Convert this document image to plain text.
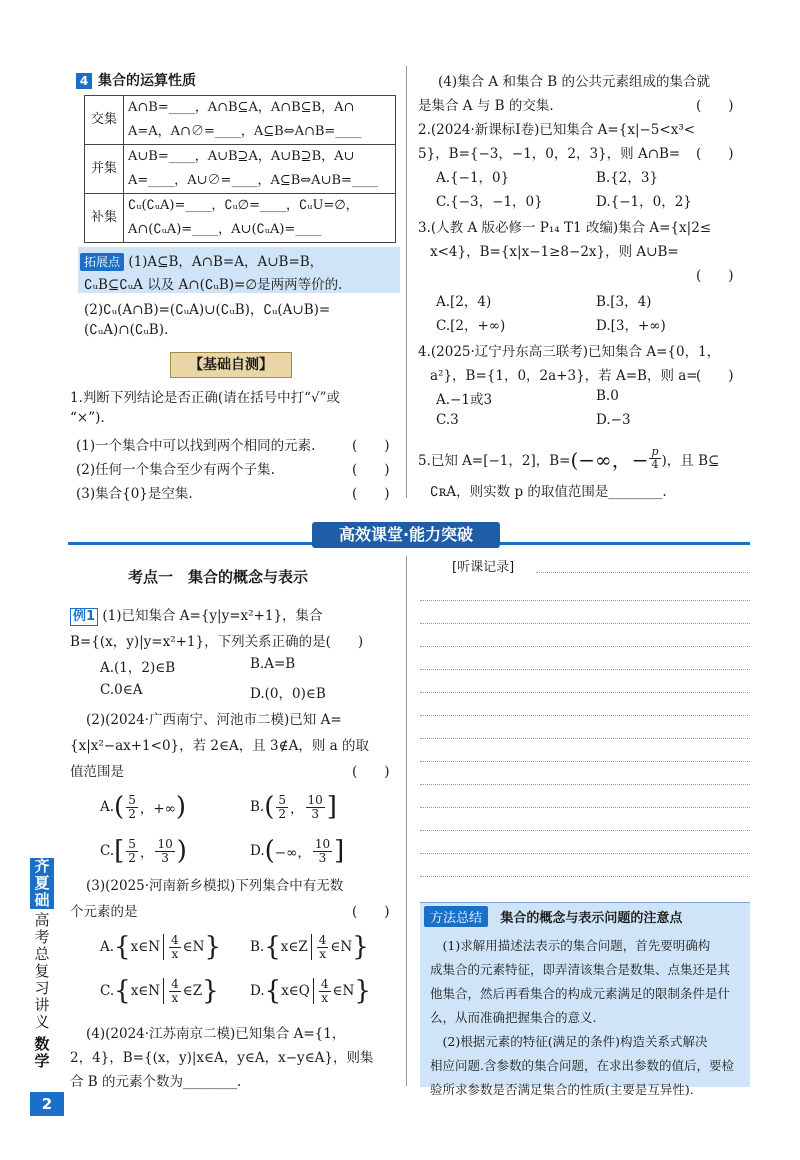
4 集合的运算性质
交集	A∩B=____，A∩B⊆A，A∩B⊆B，A∩
A=A，A∩∅=____，A⊆B⇔A∩B=____

并集	A∪B=____，A∪B⊇A，A∪B⊇B，A∪
A=____，A∪∅=____，A⊆B⇔A∪B=____

补集	∁ᵤ(∁ᵤA)=____，∁ᵤ∅=____，∁ᵤU=∅，
A∩(∁ᵤA)=____，A∪(∁ᵤA)=____
拓展点 (1)A⊆B，A∩B=A，A∪B=B，
∁ᵤB⊆∁ᵤA 以及 A∩(∁ᵤB)=∅是两两等价的.
(2)∁ᵤ(A∩B)=(∁ᵤA)∪(∁ᵤB)，∁ᵤ(A∪B)=
(∁ᵤA)∩(∁ᵤB).
【基础自测】
1.判断下列结论是否正确(请在括号中打“√”或
“×”).
(1)一个集合中可以找到两个相同的元素.	(　　)
(2)任何一个集合至少有两个子集.	(　　)
(3)集合{0}是空集.	(　　)
(4)集合 A 和集合 B 的公共元素组成的集合就
是集合 A 与 B 的交集.	(　　)
2.(2024·新课标Ⅰ卷)已知集合 A={x|−5<x³<
5}，B={−3，−1，0，2，3}，则 A∩B= (　　)
A.{−1，0}	B.{2，3}
C.{−3，−1，0}	D.{−1，0，2}
3.(人教 A 版必修一 P₁₄ T1 改编)集合 A={x|2≤
x<4}，B={x|x−1≥8−2x}，则 A∪B=
(　　)
A.[2，4)	B.[3，4)
C.[2，+∞)	D.[3，+∞)
4.(2025·辽宁丹东高三联考)已知集合 A={0，1，
a²}，B={1，0，2a+3}，若 A=B，则 a=
(　　)
A.−1或3	B.0
C.3	D.−3
5.已知 A=[−1，2]，B= (−∞，− $\frac{p}{4}$ )，且 B⊆
∁ʀA，则实数 p 的取值范围是________.
高效课堂·能力突破
考点一　集合的概念与表示
例1 (1)已知集合 A={y|y=x²+1}，集合
B={(x，y)|y=x²+1}，下列关系正确的是(　　)
A.(1，2)∈B	B.A=B
C.0∈A	D.(0，0)∈B
(2)(2024·广西南宁、河池市二模)已知 A=
{x|x²−ax+1<0}，若 2∈A，且 3∉A，则 a 的取
值范围是	(　　)
(3)(2025·河南新乡模拟)下列集合中有无数
个元素的是	(　　)
(4)(2024·江苏南京二模)已知集合 A={1，
2，4}，B={(x，y)|x∈A，y∈A，x−y∈A}，则集
合 B 的元素个数为________.
[听课记录]
方法总结 集合的概念与表示问题的注意点
　(1)求解用描述法表示的集合问题，首先要明确构
成集合的元素特征，即弄清该集合是数集、点集还是其
他集合，然后再看集合的构成元素满足的限制条件是什
么，从而准确把握集合的意义.
　(2)根据元素的特征(满足的条件)构造关系式解决
相应问题.含参数的集合问题，在求出参数的值后，要检
验所求参数是否满足集合的性质(主要是互异性).
齐夏础
高考总复习讲义
数学
2
A. ( $\frac{5}{2}$ ，+∞ )	B. ( $\frac{5}{2}$ ， $\frac{10}{3}$ ]
C. [ $\frac{5}{2}$ ， $\frac{10}{3}$ )	D. ( −∞， $\frac{10}{3}$ ]
A. { x∈N $\frac{4}{x}$ ∈N } B. { x∈Z $\frac{4}{x}$ ∈N }
C. { x∈N $\frac{4}{x}$ ∈Z } D. { x∈Q $\frac{4}{x}$ ∈N }
